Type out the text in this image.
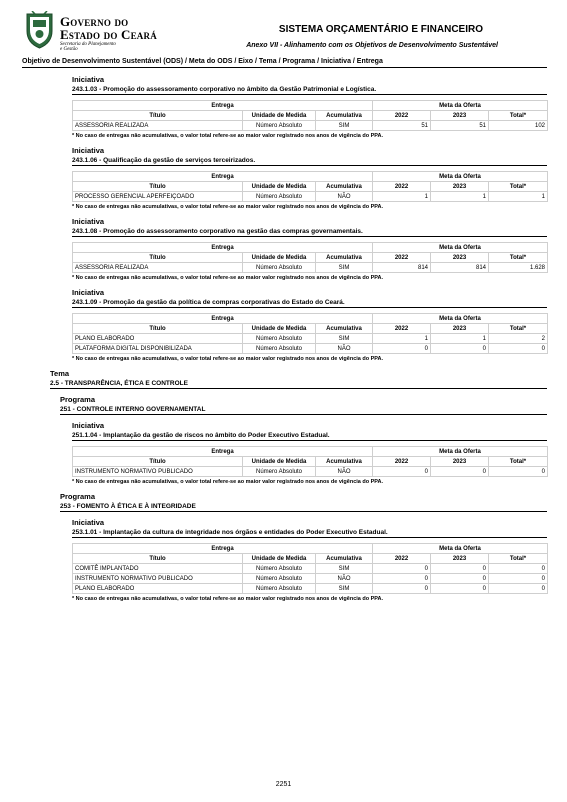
Governo do
Estado do Ceará
Secretaria do Planejamento
e Gestão
SISTEMA ORÇAMENTÁRIO E FINANCEIRO
Anexo VII - Alinhamento com os Objetivos de Desenvolvimento Sustentável
Objetivo de Desenvolvimento Sustentável (ODS) / Meta do ODS / Eixo / Tema / Programa / Iniciativa / Entrega
Iniciativa
243.1.03 - Promoção do assessoramento corporativo no âmbito da Gestão Patrimonial e Logística.
Entrega			Meta da Oferta		
Título	Unidade de Medida	Acumulativa	2022	2023	Total*
ASSESSORIA REALIZADA	Número Absoluto	SIM	51	51	102
* No caso de entregas não acumulativas, o valor total refere-se ao maior valor registrado nos anos de vigência do PPA.
Iniciativa
243.1.06 - Qualificação da gestão de serviços terceirizados.
Entrega			Meta da Oferta		
Título	Unidade de Medida	Acumulativa	2022	2023	Total*
PROCESSO GERENCIAL APERFEIÇOADO	Número Absoluto	NÃO	1	1	1
* No caso de entregas não acumulativas, o valor total refere-se ao maior valor registrado nos anos de vigência do PPA.
Iniciativa
243.1.08 - Promoção do assessoramento corporativo na gestão das compras governamentais.
Entrega			Meta da Oferta		
Título	Unidade de Medida	Acumulativa	2022	2023	Total*
ASSESSORIA REALIZADA	Número Absoluto	SIM	814	814	1.628
* No caso de entregas não acumulativas, o valor total refere-se ao maior valor registrado nos anos de vigência do PPA.
Iniciativa
243.1.09 - Promoção da gestão da política de compras corporativas do Estado do Ceará.
Entrega			Meta da Oferta		
Título	Unidade de Medida	Acumulativa	2022	2023	Total*
PLANO ELABORADO	Número Absoluto	SIM	1	1	2
PLATAFORMA DIGITAL DISPONIBILIZADA	Número Absoluto	NÃO	0	0	0
* No caso de entregas não acumulativas, o valor total refere-se ao maior valor registrado nos anos de vigência do PPA.
Tema
2.5 - TRANSPARÊNCIA, ÉTICA E CONTROLE
Programa
251 - CONTROLE INTERNO GOVERNAMENTAL
Iniciativa
251.1.04 - Implantação da gestão de riscos no âmbito do Poder Executivo Estadual.
Entrega			Meta da Oferta		
Título	Unidade de Medida	Acumulativa	2022	2023	Total*
INSTRUMENTO NORMATIVO PUBLICADO	Número Absoluto	NÃO	0	0	0
* No caso de entregas não acumulativas, o valor total refere-se ao maior valor registrado nos anos de vigência do PPA.
Programa
253 - FOMENTO À ÉTICA E À INTEGRIDADE
Iniciativa
253.1.01 - Implantação da cultura de integridade nos órgãos e entidades do Poder Executivo Estadual.
Entrega			Meta da Oferta		
Título	Unidade de Medida	Acumulativa	2022	2023	Total*
COMITÊ IMPLANTADO	Número Absoluto	SIM	0	0	0
INSTRUMENTO NORMATIVO PUBLICADO	Número Absoluto	NÃO	0	0	0
PLANO ELABORADO	Número Absoluto	SIM	0	0	0
* No caso de entregas não acumulativas, o valor total refere-se ao maior valor registrado nos anos de vigência do PPA.
2251
